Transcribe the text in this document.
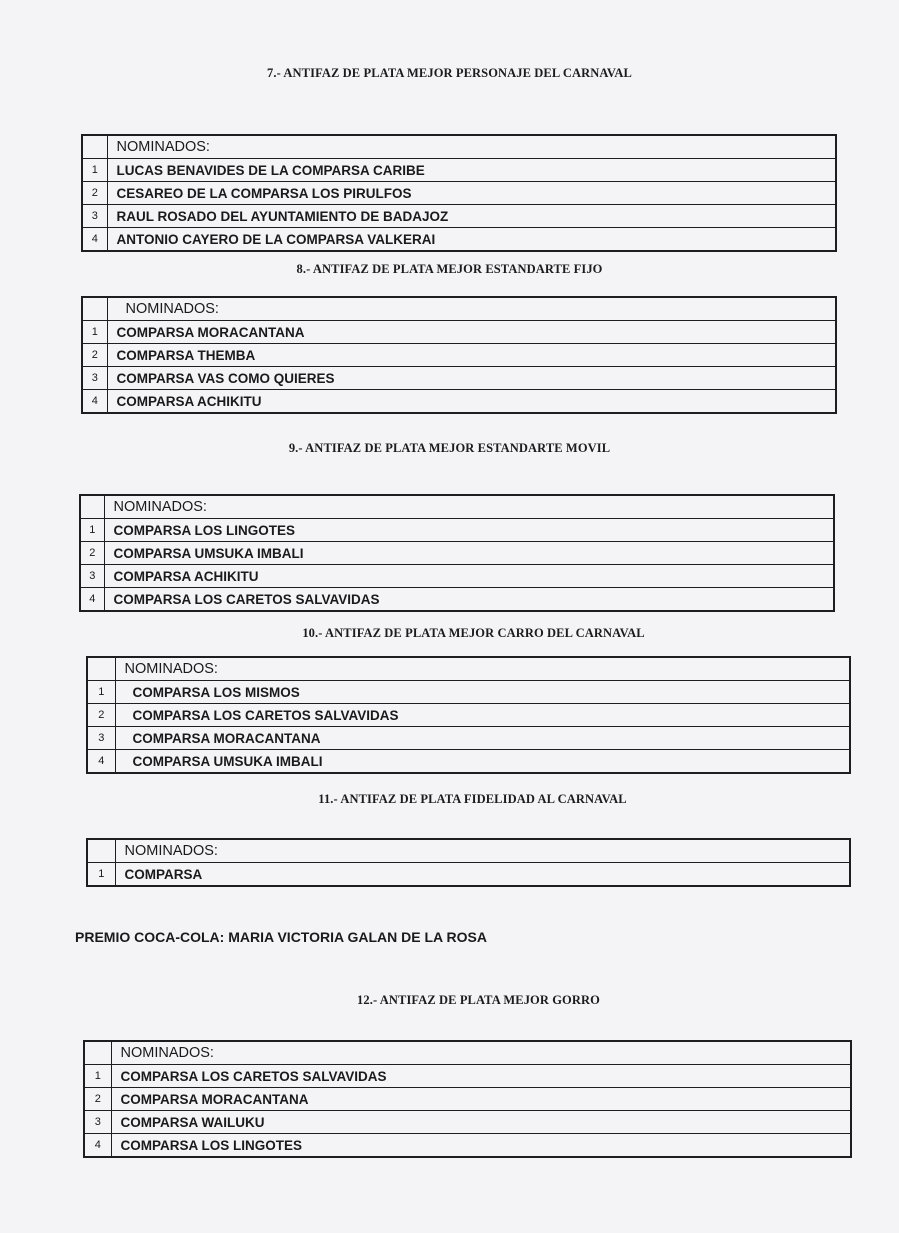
7.- ANTIFAZ DE PLATA MEJOR PERSONAJE DEL CARNAVAL
	NOMINADOS:
1	LUCAS BENAVIDES DE LA COMPARSA CARIBE
2	CESAREO DE LA COMPARSA LOS PIRULFOS
3	RAUL ROSADO DEL AYUNTAMIENTO DE BADAJOZ
4	ANTONIO CAYERO DE LA COMPARSA VALKERAI
8.- ANTIFAZ DE PLATA MEJOR ESTANDARTE FIJO
	NOMINADOS:
1	COMPARSA MORACANTANA
2	COMPARSA THEMBA
3	COMPARSA VAS COMO QUIERES
4	COMPARSA ACHIKITU
9.- ANTIFAZ DE PLATA MEJOR ESTANDARTE MOVIL
	NOMINADOS:
1	COMPARSA LOS LINGOTES
2	COMPARSA UMSUKA IMBALI
3	COMPARSA ACHIKITU
4	COMPARSA LOS CARETOS SALVAVIDAS
10.- ANTIFAZ DE PLATA MEJOR CARRO DEL CARNAVAL
	NOMINADOS:
1	COMPARSA LOS MISMOS
2	COMPARSA LOS CARETOS SALVAVIDAS
3	COMPARSA MORACANTANA
4	COMPARSA UMSUKA IMBALI
11.- ANTIFAZ DE PLATA FIDELIDAD AL CARNAVAL
	NOMINADOS:
1	COMPARSA
PREMIO COCA-COLA: MARIA VICTORIA GALAN DE LA ROSA
12.- ANTIFAZ DE PLATA MEJOR GORRO
	NOMINADOS:
1	COMPARSA LOS CARETOS SALVAVIDAS
2	COMPARSA MORACANTANA
3	COMPARSA WAILUKU
4	COMPARSA LOS LINGOTES
